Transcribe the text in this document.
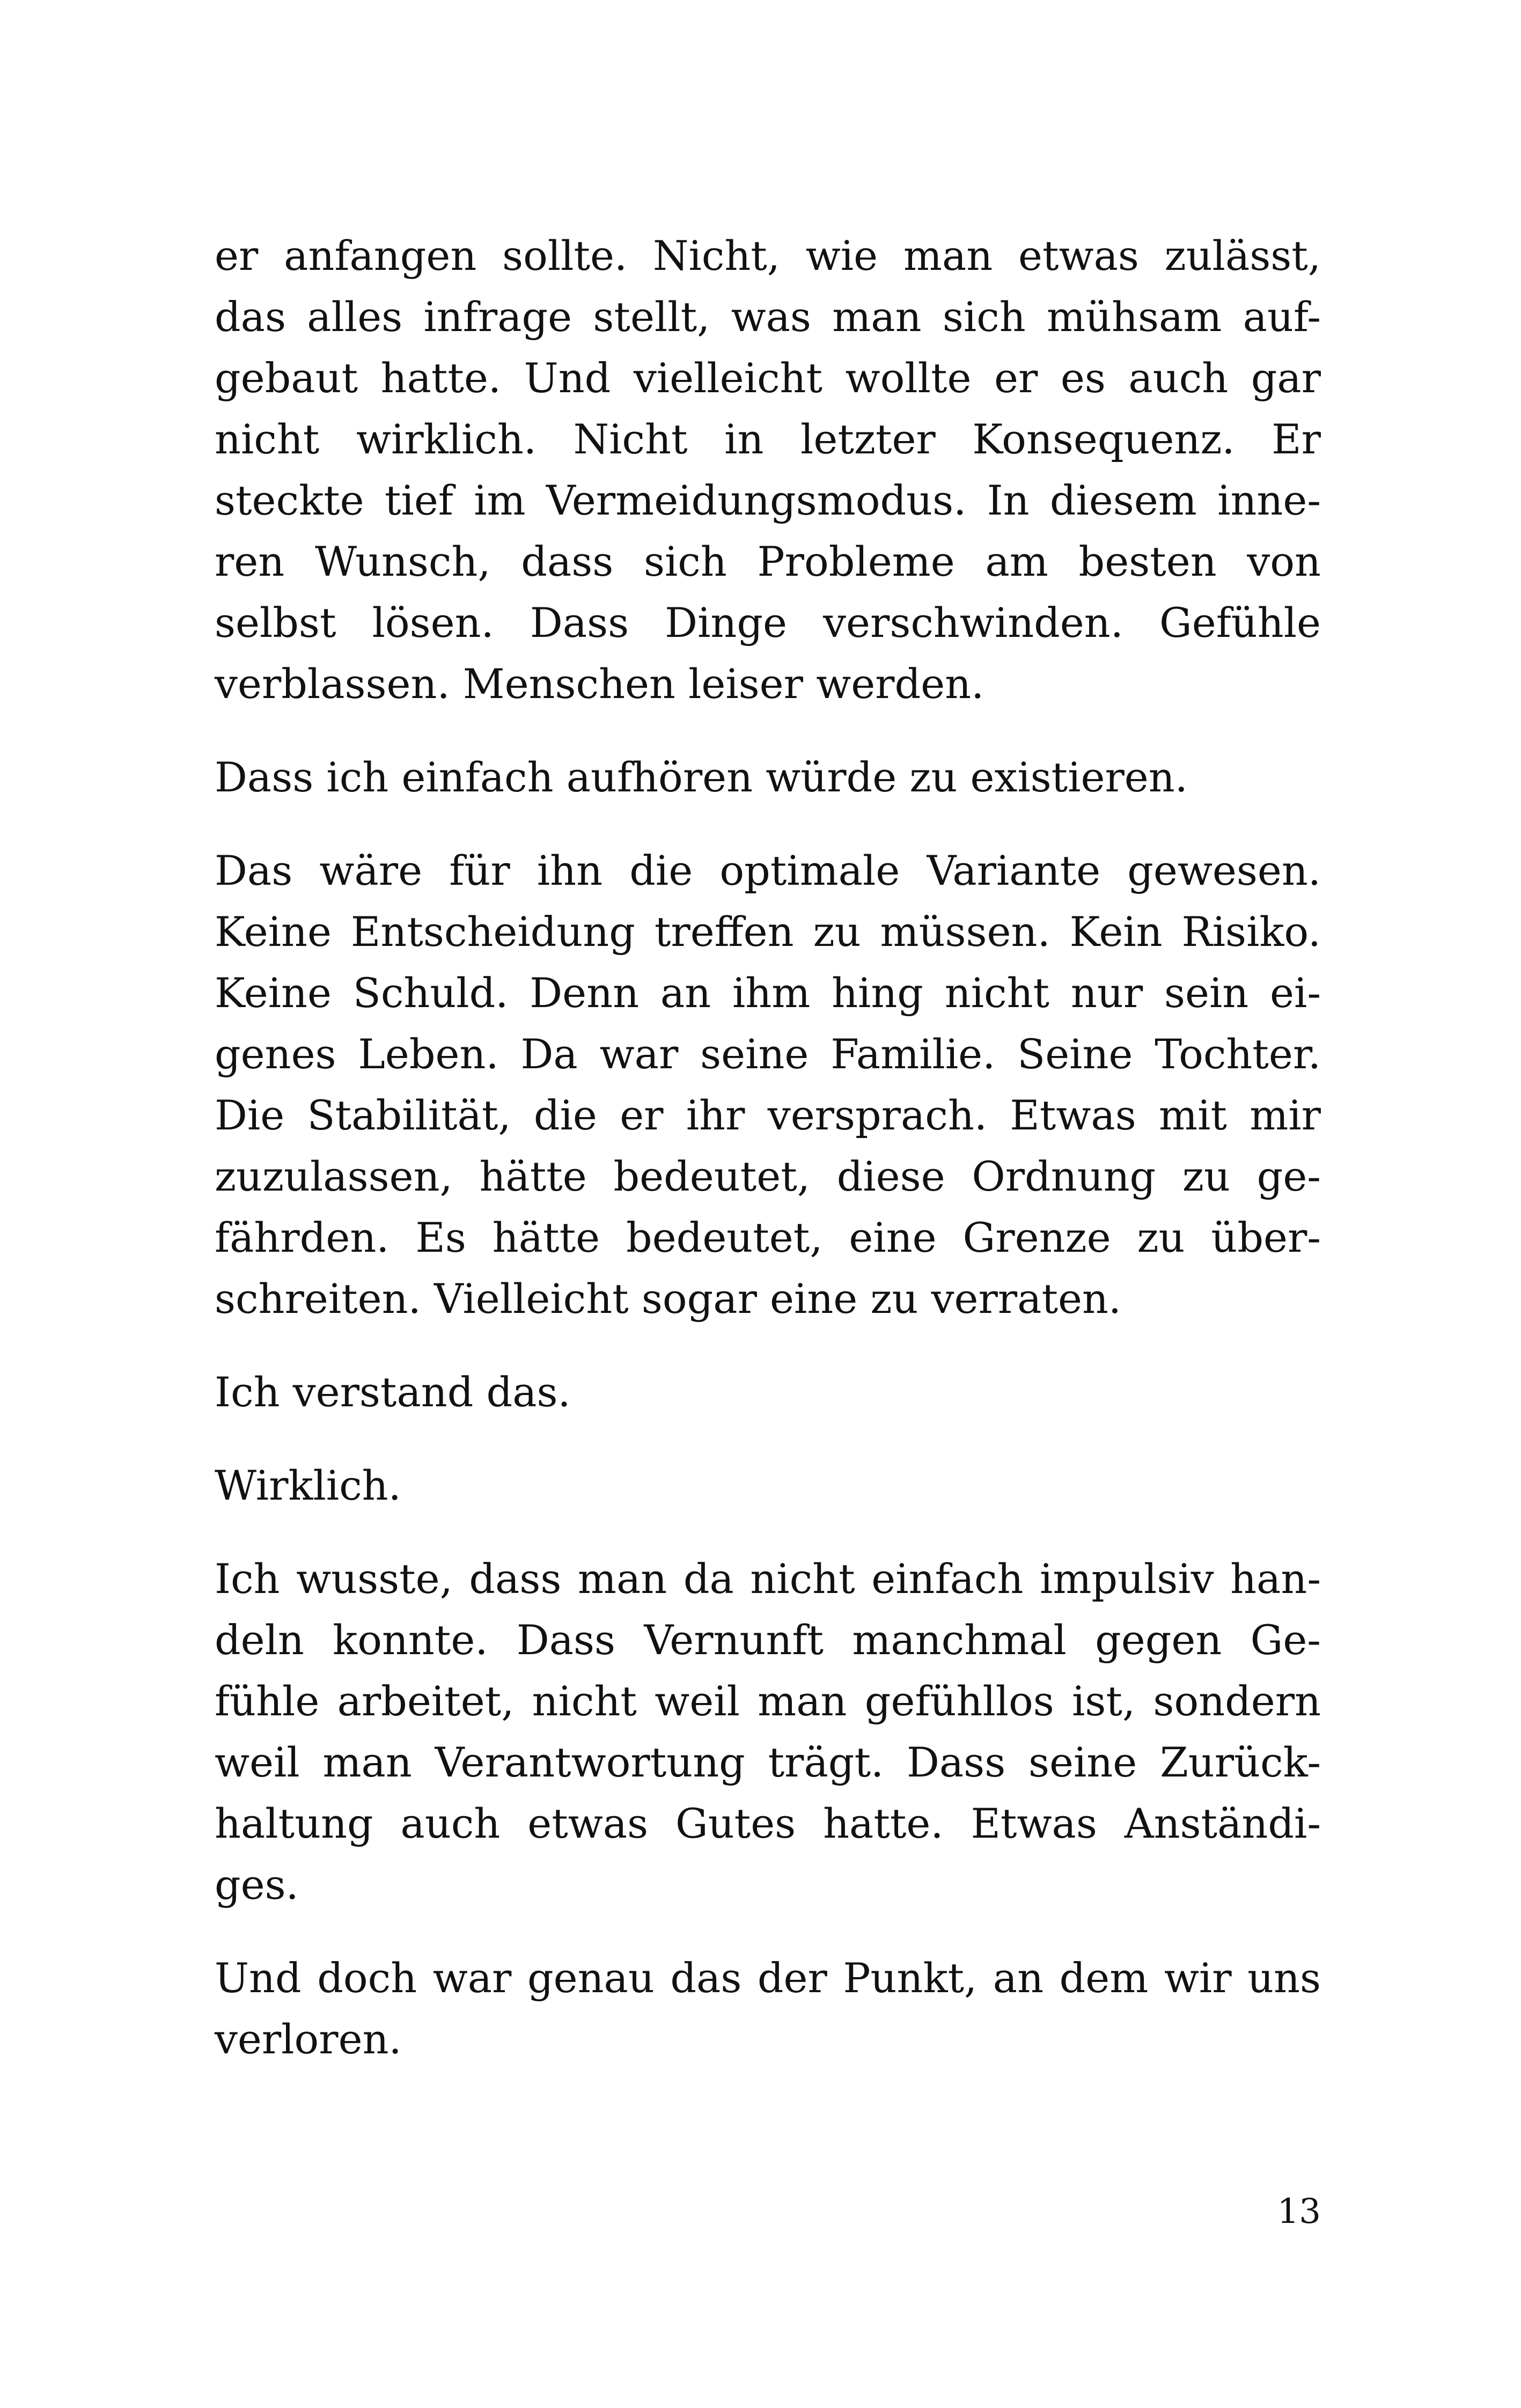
er anfangen sollte. Nicht, wie man etwas zulässt,
das alles infrage stellt, was man sich mühsam auf-
gebaut hatte. Und vielleicht wollte er es auch gar
nicht wirklich. Nicht in letzter Konsequenz. Er
steckte tief im Vermeidungsmodus. In diesem inne-
ren Wunsch, dass sich Probleme am besten von
selbst lösen. Dass Dinge verschwinden. Gefühle
verblassen. Menschen leiser werden.
Dass ich einfach aufhören würde zu existieren.
Das wäre für ihn die optimale Variante gewesen.
Keine Entscheidung treffen zu müssen. Kein Risiko.
Keine Schuld. Denn an ihm hing nicht nur sein ei-
genes Leben. Da war seine Familie. Seine Tochter.
Die Stabilität, die er ihr versprach. Etwas mit mir
zuzulassen, hätte bedeutet, diese Ordnung zu ge-
fährden. Es hätte bedeutet, eine Grenze zu über-
schreiten. Vielleicht sogar eine zu verraten.
Ich verstand das.
Wirklich.
Ich wusste, dass man da nicht einfach impulsiv han-
deln konnte. Dass Vernunft manchmal gegen Ge-
fühle arbeitet, nicht weil man gefühllos ist, sondern
weil man Verantwortung trägt. Dass seine Zurück-
haltung auch etwas Gutes hatte. Etwas Anständi-
ges.
Und doch war genau das der Punkt, an dem wir uns
verloren.
13
